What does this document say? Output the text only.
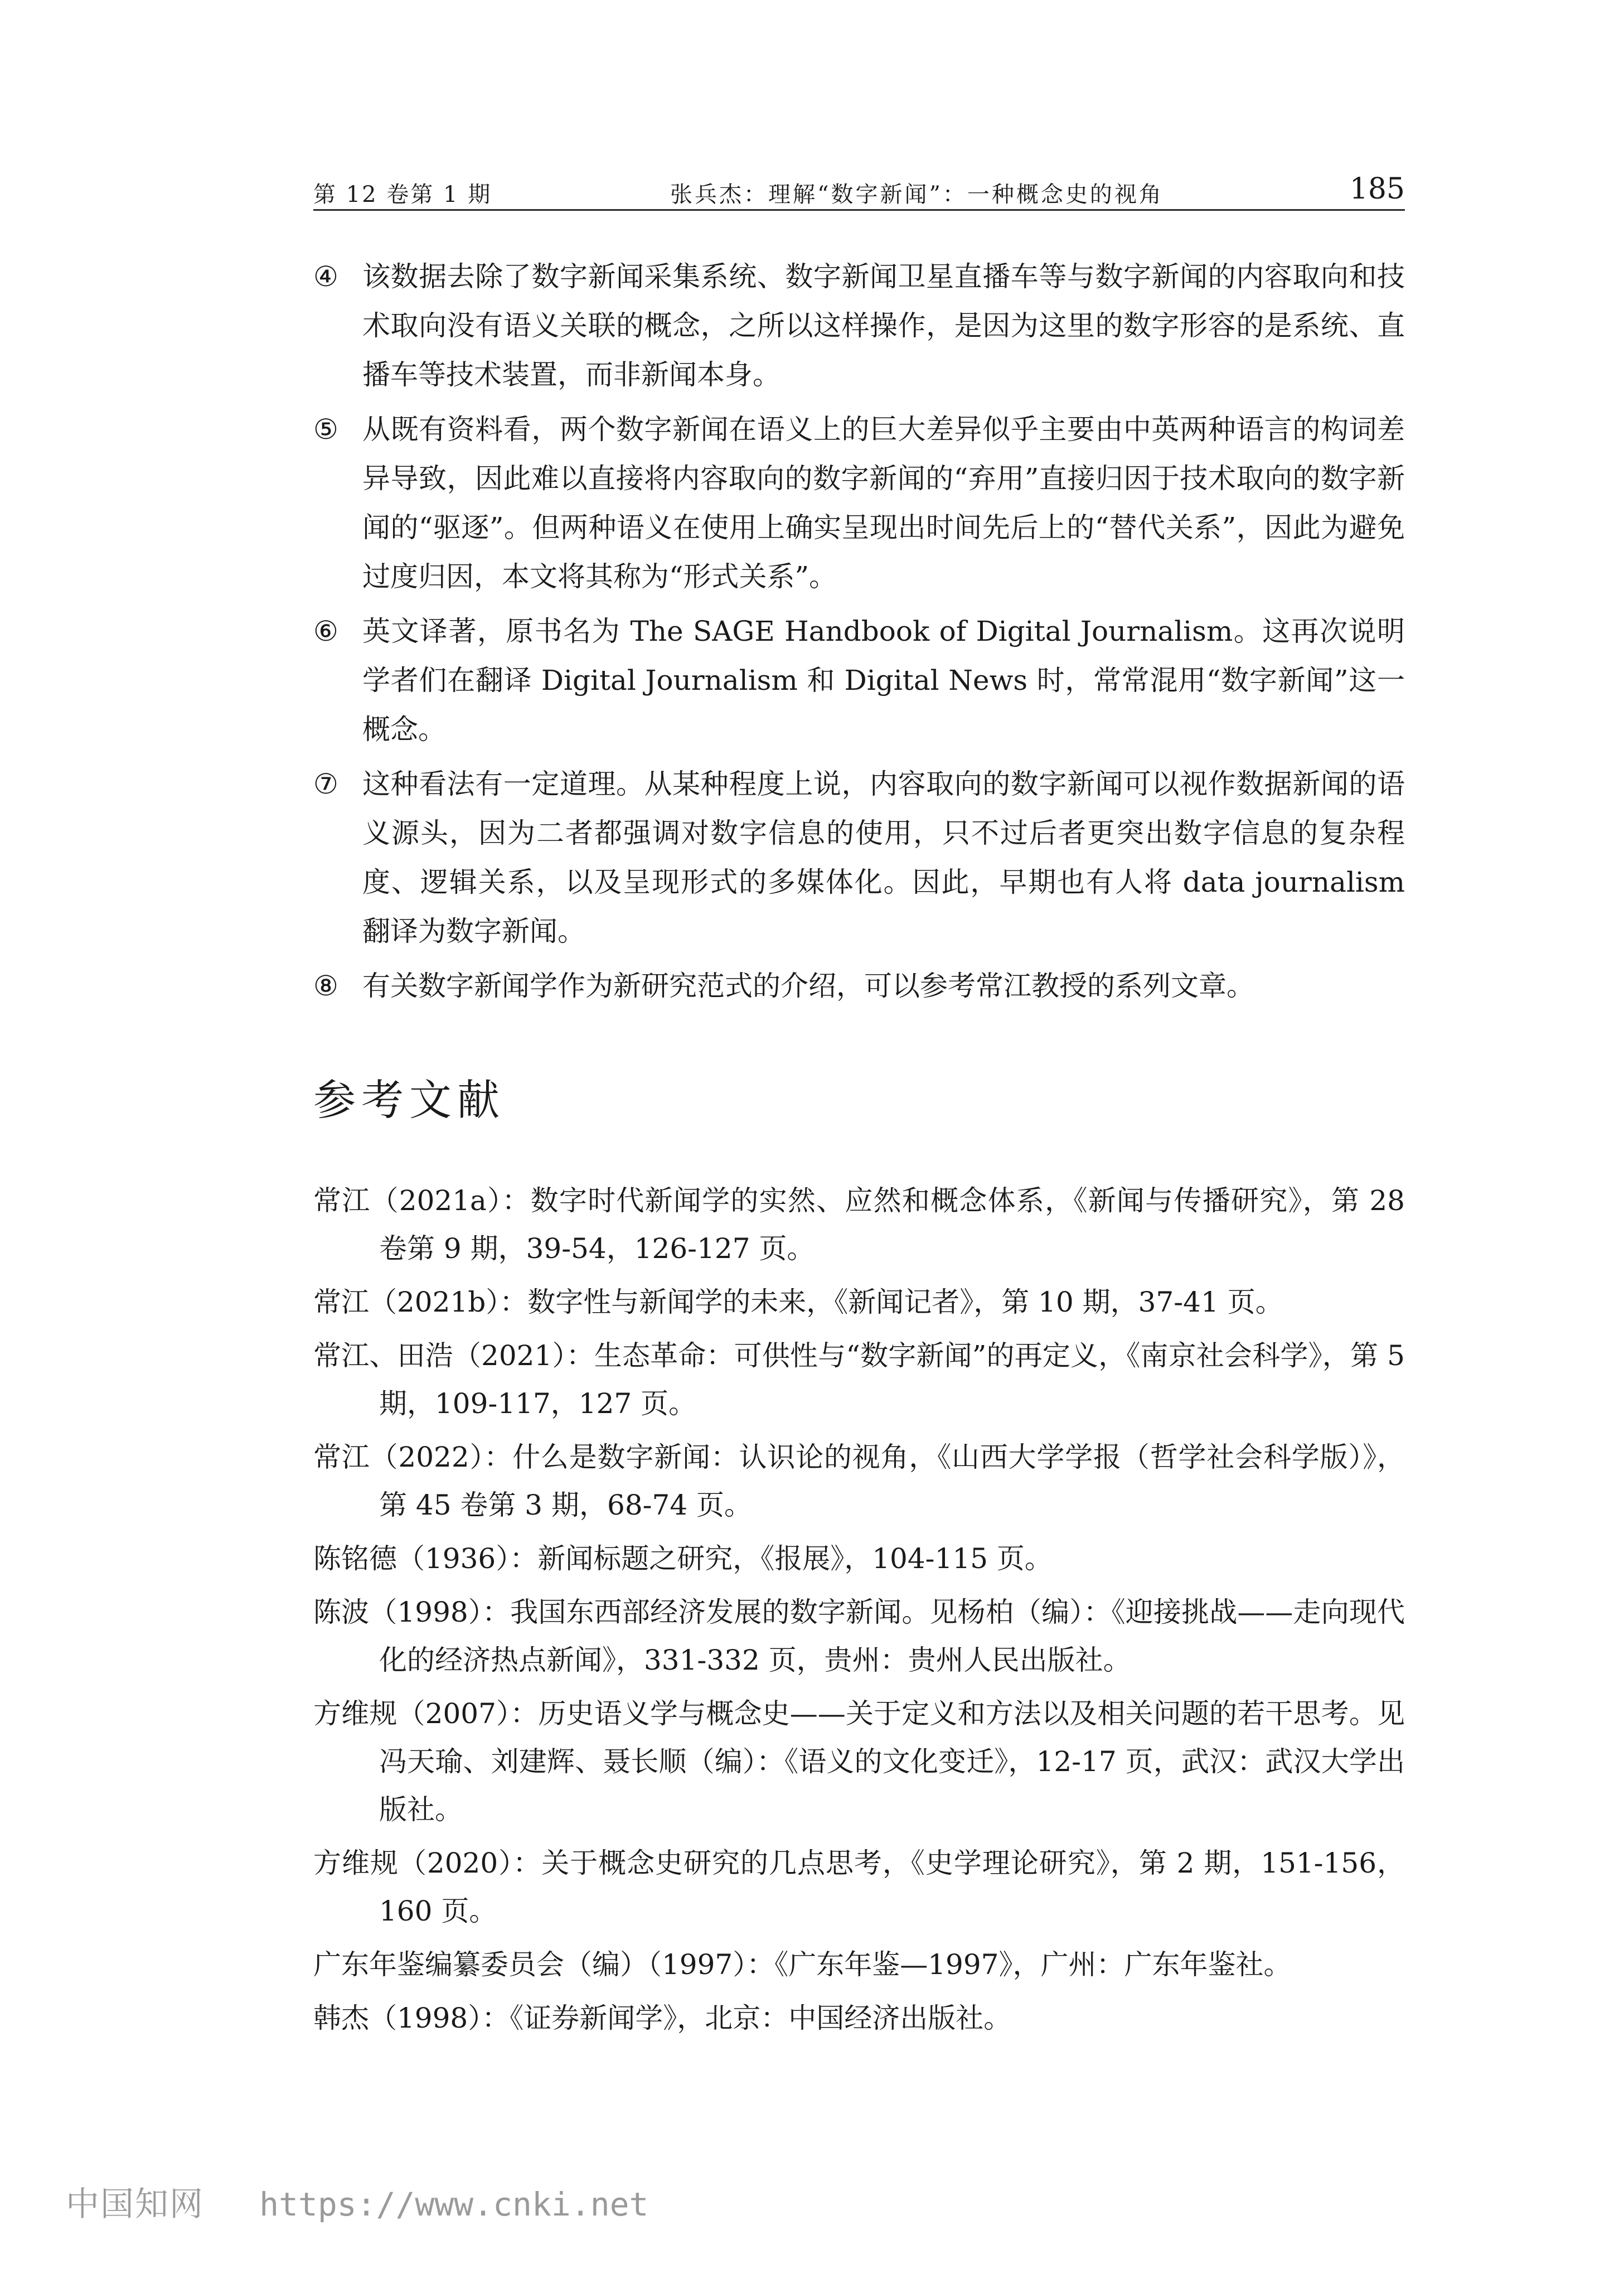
第 12 卷第 1 期	张兵杰：理解“数字新闻”：一种概念史的视角	185
④ 该数据去除了数字新闻采集系统、数字新闻卫星直播车等与数字新闻的内容取向和技术取向没有语义关联的概念，之所以这样操作，是因为这里的数字形容的是系统、直播车等技术装置，而非新闻本身。
⑤ 从既有资料看，两个数字新闻在语义上的巨大差异似乎主要由中英两种语言的构词差异导致，因此难以直接将内容取向的数字新闻的“弃用”直接归因于技术取向的数字新闻的“驱逐”。但两种语义在使用上确实呈现出时间先后上的“替代关系”，因此为避免过度归因，本文将其称为“形式关系”。
⑥ 英文译著，原书名为 The SAGE Handbook of Digital Journalism。这再次说明学者们在翻译 Digital Journalism 和 Digital News 时，常常混用“数字新闻”这一概念。
⑦ 这种看法有一定道理。从某种程度上说，内容取向的数字新闻可以视作数据新闻的语义源头，因为二者都强调对数字信息的使用，只不过后者更突出数字信息的复杂程度、逻辑关系，以及呈现形式的多媒体化。因此，早期也有人将 data journalism 翻译为数字新闻。
⑧ 有关数字新闻学作为新研究范式的介绍，可以参考常江教授的系列文章。
参考文献
常江（2021a）：数字时代新闻学的实然、应然和概念体系，《新闻与传播研究》，第 28 卷第 9 期，39-54，126-127 页。
常江（2021b）：数字性与新闻学的未来，《新闻记者》，第 10 期，37-41 页。
常江、田浩（2021）：生态革命：可供性与“数字新闻”的再定义，《南京社会科学》，第 5 期，109-117，127 页。
常江（2022）：什么是数字新闻：认识论的视角，《山西大学学报（哲学社会科学版）》，第 45 卷第 3 期，68-74 页。
陈铭德（1936）：新闻标题之研究，《报展》，104-115 页。
陈波（1998）：我国东西部经济发展的数字新闻。见杨柏（编）：《迎接挑战——走向现代化的经济热点新闻》，331-332 页，贵州：贵州人民出版社。
方维规（2007）：历史语义学与概念史——关于定义和方法以及相关问题的若干思考。见冯天瑜、刘建辉、聂长顺（编）：《语义的文化变迁》，12-17 页，武汉：武汉大学出版社。
方维规（2020）：关于概念史研究的几点思考，《史学理论研究》，第 2 期，151-156，160 页。
广东年鉴编纂委员会（编）（1997）：《广东年鉴—1997》，广州：广东年鉴社。
韩杰（1998）：《证券新闻学》，北京：中国经济出版社。
中国知网 https://www.cnki.net
